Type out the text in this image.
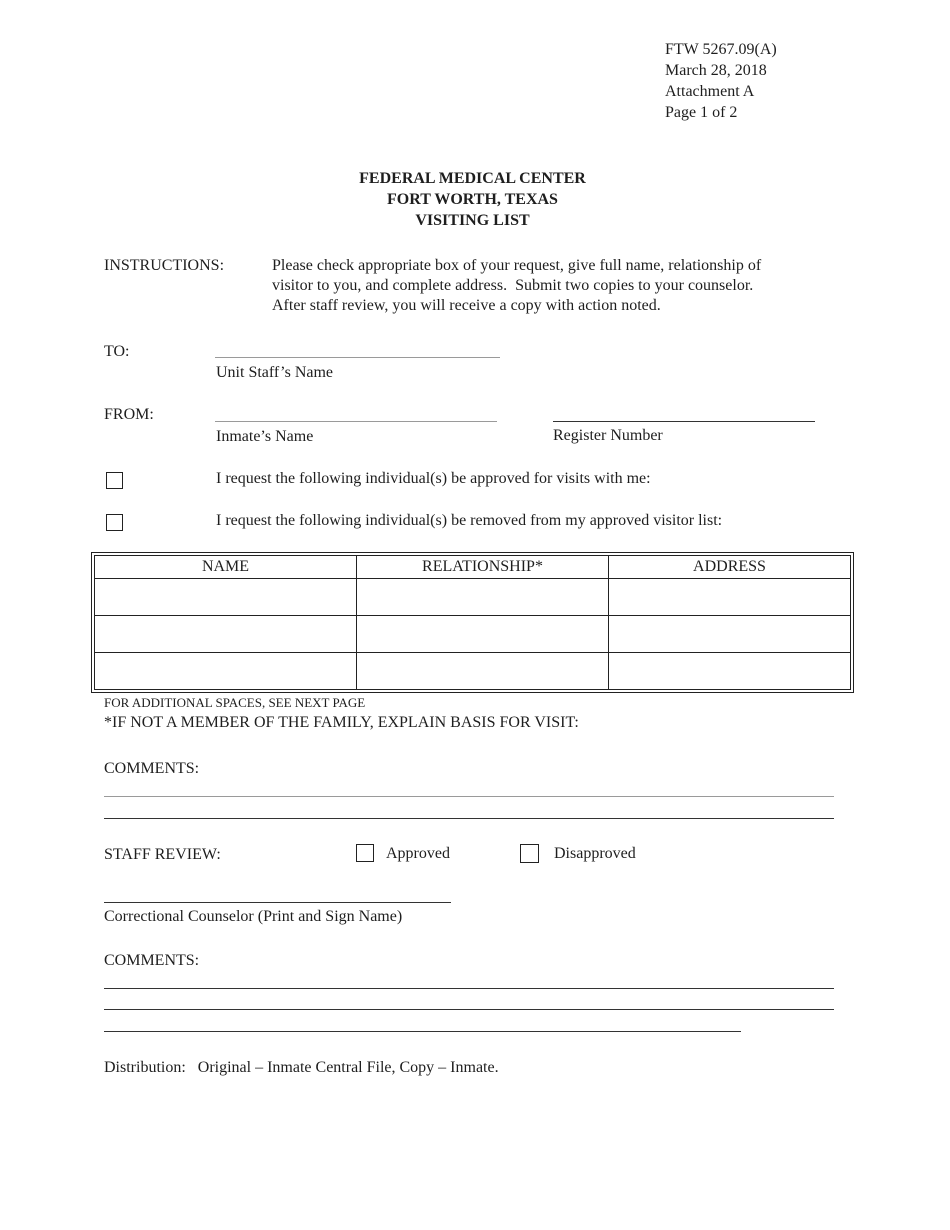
FTW 5267.09(A)
March 28, 2018
Attachment A
Page 1 of 2
FEDERAL MEDICAL CENTER
FORT WORTH, TEXAS
VISITING LIST
INSTRUCTIONS:	Please check appropriate box of your request, give full name, relationship of
visitor to you, and complete address.  Submit two copies to your counselor.
After staff review, you will receive a copy with action noted.
TO:
Unit Staff’s Name
FROM:
Inmate’s Name	Register Number
I request the following individual(s) be approved for visits with me:
I request the following individual(s) be removed from my approved visitor list:
NAME	RELATIONSHIP*	ADDRESS

FOR ADDITIONAL SPACES, SEE NEXT PAGE
*IF NOT A MEMBER OF THE FAMILY, EXPLAIN BASIS FOR VISIT:
COMMENTS:
STAFF REVIEW:	Approved	Disapproved
Correctional Counselor (Print and Sign Name)
COMMENTS:
Distribution: Original – Inmate Central File, Copy – Inmate.
